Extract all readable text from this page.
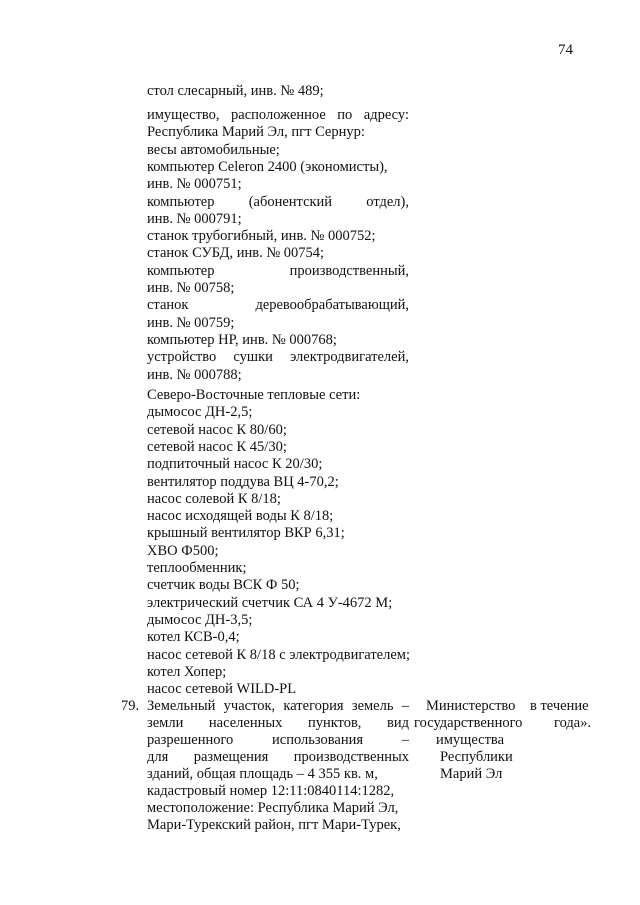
74
стол слесарный, инв. № 489;
имущество, расположенное по адресу:
Республика Марий Эл, пгт Сернур:
весы автомобильные;
компьютер Celeron 2400 (экономисты),
инв. № 000751;
компьютер (абонентский отдел),
инв. № 000791;
станок трубогибный, инв. № 000752;
станок СУБД, инв. № 00754;
компьютер	производственный,
инв. № 00758;
станок	деревообрабатывающий,
инв. № 00759;
компьютер HP, инв. № 000768;
устройство сушки электродвигателей,
инв. № 000788;
Северо-Восточные тепловые сети:
дымосос ДН-2,5;
сетевой насос К 80/60;
сетевой насос К 45/30;
подпиточный насос К 20/30;
вентилятор поддува ВЦ 4-70,2;
насос солевой К 8/18;
насос исходящей воды К 8/18;
крышный вентилятор ВКР 6,31;
ХВО Ф500;
теплообменник;
счетчик воды ВСК Ф 50;
электрический счетчик СА 4 У-4672 М;
дымосос ДН-3,5;
котел КСВ-0,4;
насос сетевой К 8/18 с электродвигателем;
котел Хопер;
насос сетевой WILD-PL
Земельный участок, категория земель –
земли населенных пунктов, вид
разрешенного	использования	–
для размещения производственных
зданий, общая площадь – 4 355 кв. м,
кадастровый номер 12:11:0840114:1282,
местоположение: Республика Марий Эл,
Мари-Турекский район, пгт Мари-Турек,
79.	Министерство
государственного
имущества
Республики
Марий Эл
в течение
года».
